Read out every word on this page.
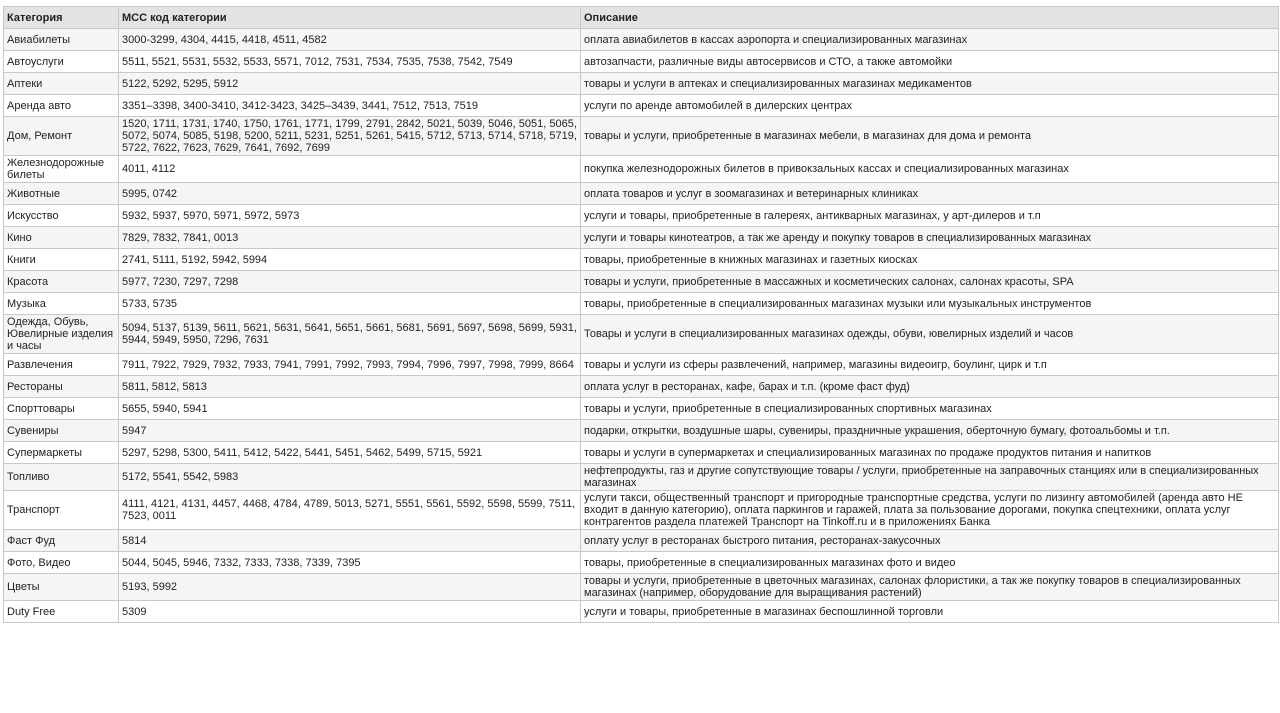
Категория	MCC код категории	Описание
Авиабилеты	3000-3299, 4304, 4415, 4418, 4511, 4582	оплата авиабилетов в кассах аэропорта и специализированных магазинах
Автоуслуги	5511, 5521, 5531, 5532, 5533, 5571, 7012, 7531, 7534, 7535, 7538, 7542, 7549	автозапчасти, различные виды автосервисов и СТО, а также автомойки
Аптеки	5122, 5292, 5295, 5912	товары и услуги в аптеках и специализированных магазинах медикаментов
Аренда авто	3351–3398, 3400-3410, 3412-3423, 3425–3439, 3441, 7512, 7513, 7519	услуги по аренде автомобилей в дилерских центрах
Дом, Ремонт	1520, 1711, 1731, 1740, 1750, 1761, 1771, 1799, 2791, 2842, 5021, 5039, 5046, 5051, 5065, 5072, 5074, 5085, 5198, 5200, 5211, 5231, 5251, 5261, 5415, 5712, 5713, 5714, 5718, 5719, 5722, 7622, 7623, 7629, 7641, 7692, 7699	товары и услуги, приобретенные в магазинах мебели, в магазинах для дома и ремонта
Железнодорожные билеты	4011, 4112	покупка железнодорожных билетов в привокзальных кассах и специализированных магазинах
Животные	5995, 0742	оплата товаров и услуг в зоомагазинах и ветеринарных клиниках
Искусство	5932, 5937, 5970, 5971, 5972, 5973	услуги и товары, приобретенные в галереях, антикварных магазинах, у арт-дилеров и т.п
Кино	7829, 7832, 7841, 0013	услуги и товары кинотеатров, а так же аренду и покупку товаров в специализированных магазинах
Книги	2741, 5111, 5192, 5942, 5994	товары, приобретенные в книжных магазинах и газетных киосках
Красота	5977, 7230, 7297, 7298	товары и услуги, приобретенные в массажных и косметических салонах, салонах красоты, SPA
Музыка	5733, 5735	товары, приобретенные в специализированных магазинах музыки или музыкальных инструментов
Одежда, Обувь, Ювелирные изделия и часы	5094, 5137, 5139, 5611, 5621, 5631, 5641, 5651, 5661, 5681, 5691, 5697, 5698, 5699, 5931, 5944, 5949, 5950, 7296, 7631	Товары и услуги в специализированных магазинах одежды, обуви, ювелирных изделий и часов
Развлечения	7911, 7922, 7929, 7932, 7933, 7941, 7991, 7992, 7993, 7994, 7996, 7997, 7998, 7999, 8664	товары и услуги из сферы развлечений, например, магазины видеоигр, боулинг, цирк и т.п
Рестораны	5811, 5812, 5813	оплата услуг в ресторанах, кафе, барах и т.п. (кроме фаст фуд)
Спорттовары	5655, 5940, 5941	товары и услуги, приобретенные в специализированных спортивных магазинах
Сувениры	5947	подарки, открытки, воздушные шары, сувениры, праздничные украшения, оберточную бумагу, фотоальбомы и т.п.
Супермаркеты	5297, 5298, 5300, 5411, 5412, 5422, 5441, 5451, 5462, 5499, 5715, 5921	товары и услуги в супермаркетах и специализированных магазинах по продаже продуктов питания и напитков
Топливо	5172, 5541, 5542, 5983	нефтепродукты, газ и другие сопутствующие товары / услуги, приобретенные на заправочных станциях или в специализированных магазинах
Транспорт	4111, 4121, 4131, 4457, 4468, 4784, 4789, 5013, 5271, 5551, 5561, 5592, 5598, 5599, 7511, 7523, 0011	услуги такси, общественный транспорт и пригородные транспортные средства, услуги по лизингу автомобилей (аренда авто НЕ входит в данную категорию), оплата паркингов и гаражей, плата за пользование дорогами, покупка спецтехники, оплата услуг контрагентов раздела платежей Транспорт на Tinkoff.ru и в приложениях Банка
Фаст Фуд	5814	оплату услуг в ресторанах быстрого питания, ресторанах-закусочных
Фото, Видео	5044, 5045, 5946, 7332, 7333, 7338, 7339, 7395	товары, приобретенные в специализированных магазинах фото и видео
Цветы	5193, 5992	товары и услуги, приобретенные в цветочных магазинах, салонах флористики, а так же покупку товаров в специализированных магазинах (например, оборудование для выращивания растений)
Duty Free	5309	услуги и товары, приобретенные в магазинах беспошлинной торговли
